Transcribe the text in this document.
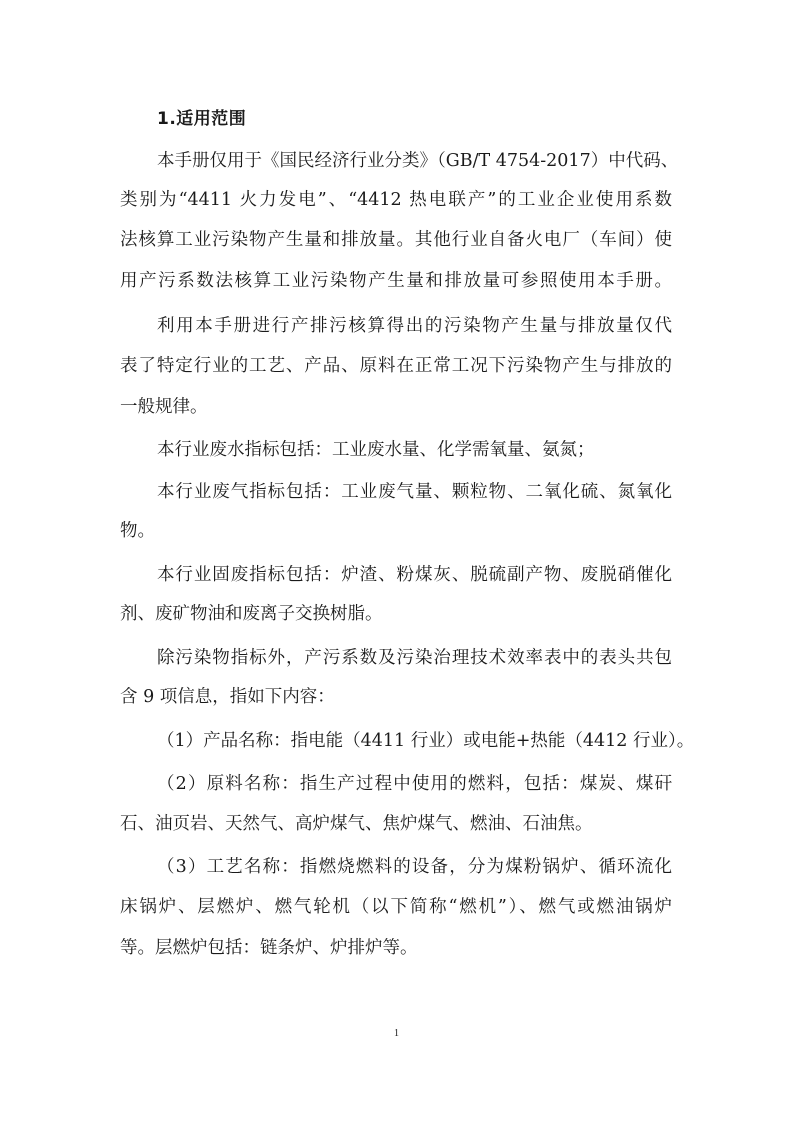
1.适用范围
本手册仅用于《国民经济行业分类》（GB/T 4754-2017）中代码、
类别为“4411 火力发电”、“4412 热电联产”的工业企业使用系数
法核算工业污染物产生量和排放量。其他行业自备火电厂（车间）使
用产污系数法核算工业污染物产生量和排放量可参照使用本手册。
利用本手册进行产排污核算得出的污染物产生量与排放量仅代
表了特定行业的工艺、产品、原料在正常工况下污染物产生与排放的
一般规律。
本行业废水指标包括：工业废水量、化学需氧量、氨氮；
本行业废气指标包括：工业废气量、颗粒物、二氧化硫、氮氧化
物。
本行业固废指标包括：炉渣、粉煤灰、脱硫副产物、废脱硝催化
剂、废矿物油和废离子交换树脂。
除污染物指标外，产污系数及污染治理技术效率表中的表头共包
含 9 项信息，指如下内容：
（1）产品名称：指电能（4411 行业）或电能+热能（4412 行业）。
（2）原料名称：指生产过程中使用的燃料，包括：煤炭、煤矸
石、油页岩、天然气、高炉煤气、焦炉煤气、燃油、石油焦。
（3）工艺名称：指燃烧燃料的设备，分为煤粉锅炉、循环流化
床锅炉、层燃炉、燃气轮机（以下简称“燃机”）、燃气或燃油锅炉
等。层燃炉包括：链条炉、炉排炉等。
1
